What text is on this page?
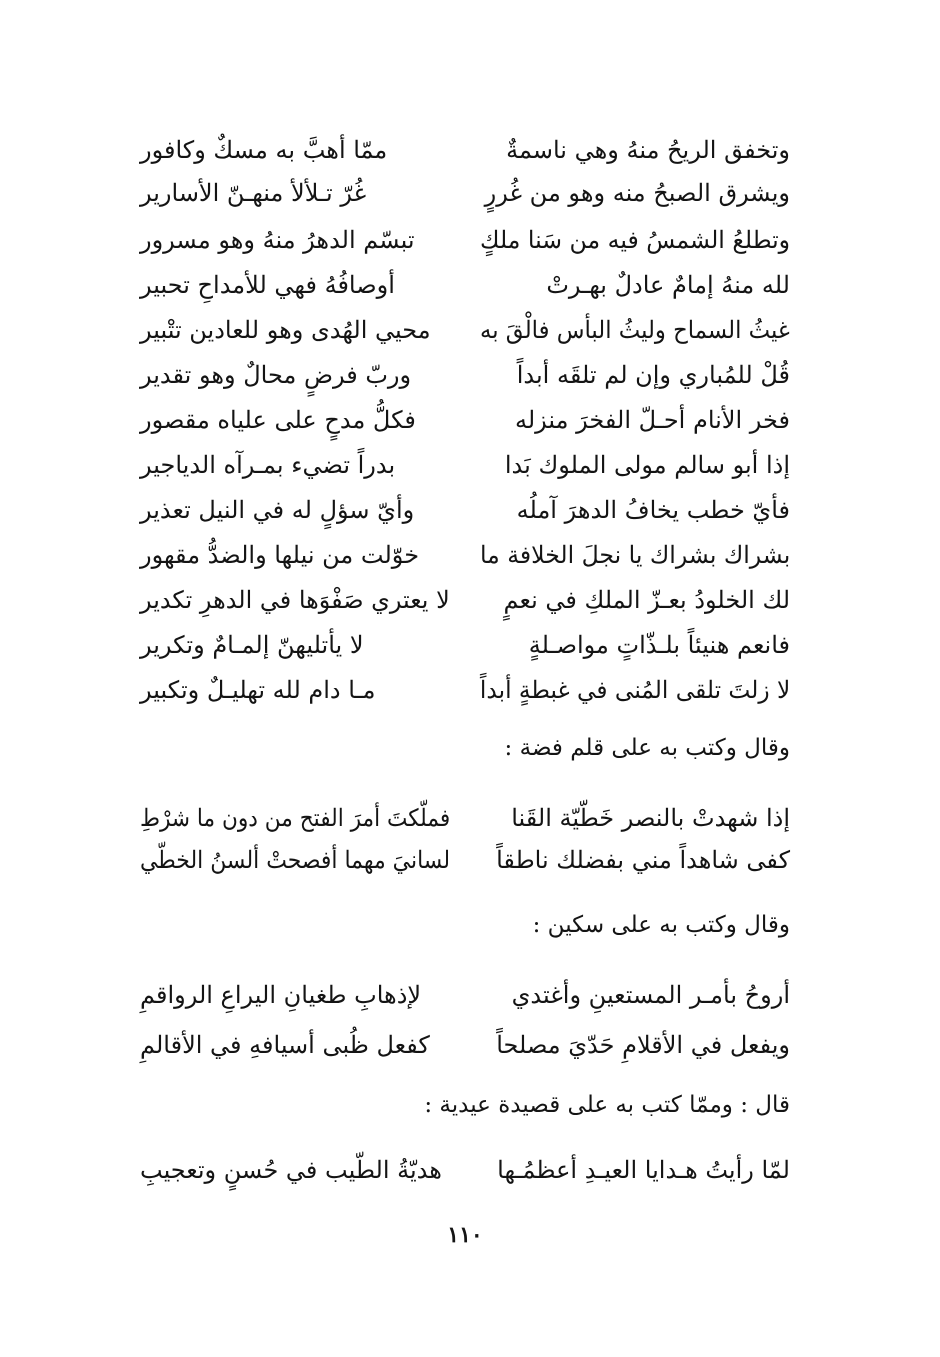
وتخفق الريحُ منهُ وهي ناسمةٌ
ممّا أهبَّ به مسكٌ وكافور
ويشرق الصبحُ منه وهو من غُررٍ
غُرّ تـلألأ منهـنّ الأسارير
وتطلعُ الشمسُ فيه من سَنا ملكٍ
تبسّم الدهرُ منهُ وهو مسرور
لله منهُ إمامٌ عادلٌ بهـرتْ
أوصافُهُ فهي للأمداحِ تحبير
غيثُ السماح وليثُ البأس فالْقَ به
محيي الهُدى وهو للعادين تتْبير
قُلْ للمُباري وإن لم تلقَه أبداً
وربّ فرضٍ محالٌ وهو تقدير
فخر الأنام أحـلّ الفخرَ منزله
فكلُّ مدحٍ على علياه مقصور
إذا أبو سالم مولى الملوك بَدا
بدراً تضيء بمـرآه الدياجير
فأيّ خطب يخافُ الدهرَ آملُه
وأيّ سؤلٍ له في النيل تعذير
بشراك بشراك يا نجلَ الخلافة ما
خوّلت من نيلها والضدُّ مقهور
لك الخلودُ بعـزّ الملكِ في نعمٍ
لا يعتري صَفْوَها في الدهرِ تكدير
فانعم هنيئاً بلـذّاتٍ مواصـلةٍ
لا يأتليهنّ إلمـامٌ وتكرير
لا زلتَ تلقى المُنى في غبطةٍ أبداً
مـا دام لله تهليـلٌ وتكبير
وقال وكتب به على قلم فضة :
إذا شهدتْ بالنصر خَطّيّة القَنا
فملّكتَ أمرَ الفتح من دون ما شرْطِ
كفى شاهداً مني بفضلك ناطقاً
لسانيَ مهما أفصحتْ ألسنُ الخطّي
وقال وكتب به على سكين :
أروحُ بأمـر المستعينِ وأغتدي
لإذهابِ طغيانِ اليراعِ الرواقمِ
ويفعل في الأقلامِ حَدّيَ مصلحاً
كفعل ظُبى أسيافهِ في الأقالمِ
قال : وممّا كتب به على قصيدة عيدية :
لمّا رأيتُ هـدايا العيـدِ أعظمُـها
هديّةُ الطّيب في حُسنٍ وتعجيبِ
١١٠
